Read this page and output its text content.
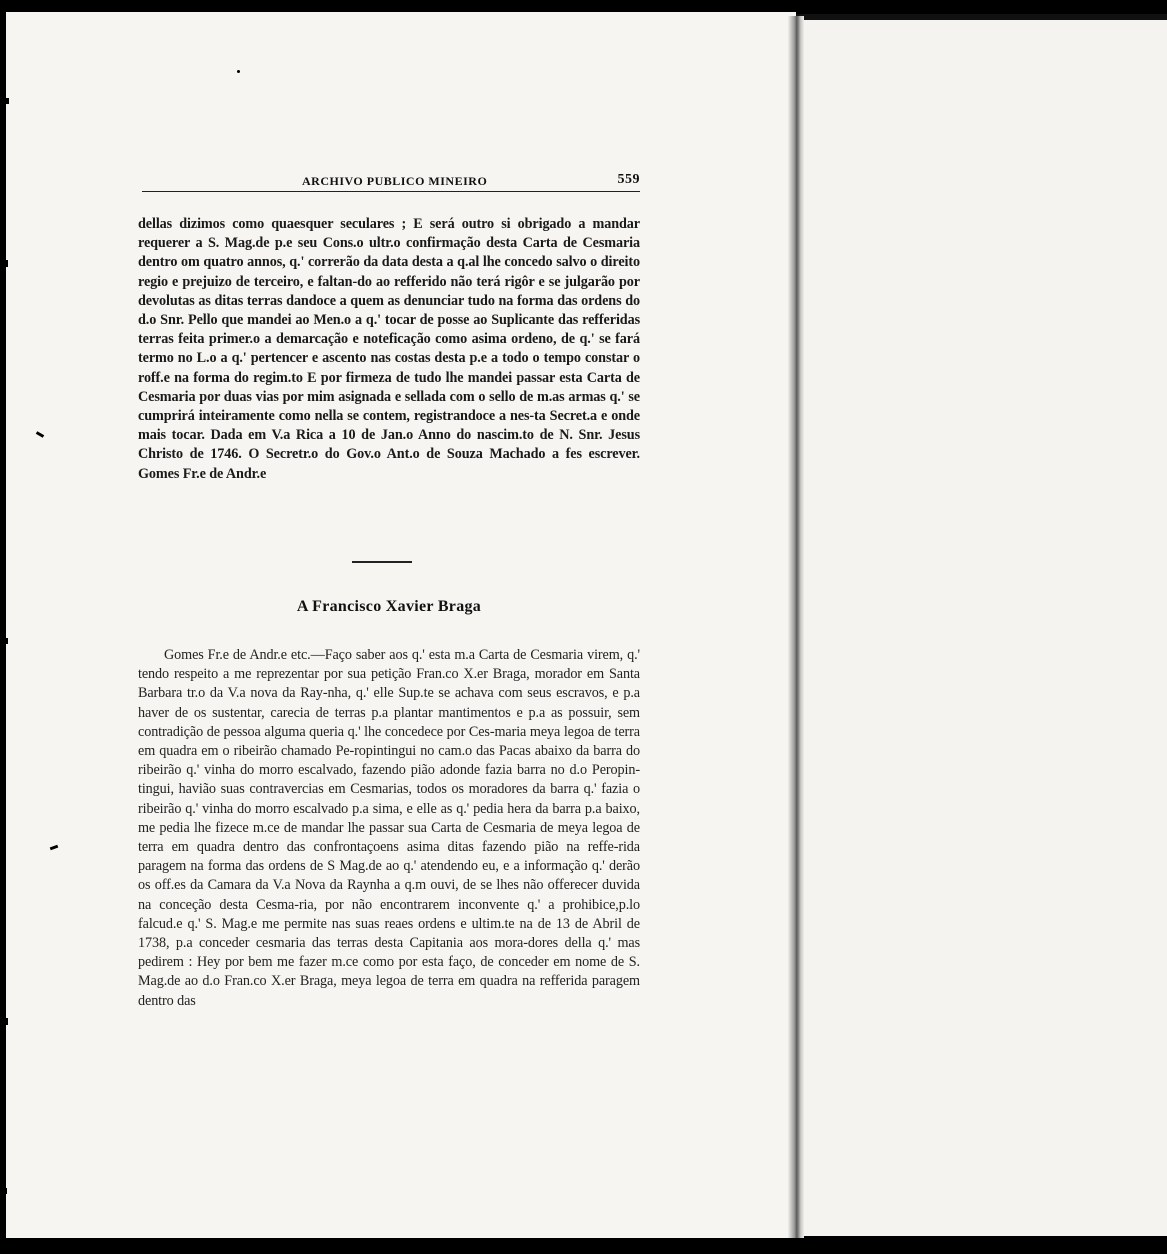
ARCHIVO PUBLICO MINEIRO	559

dellas dizimos como quaesquer seculares ; E será outro si obrigado a mandar requerer a S. Mag.de p.e seu Cons.o ultr.o confirmação desta Carta de Cesmaria dentro om quatro annos, q.' correrão da data desta a q.al lhe concedo salvo o direito regio e prejuizo de terceiro, e faltan-do ao refferido não terá rigôr e se julgarão por devolutas as ditas terras dandoce a quem as denunciar tudo na forma das ordens do d.o Snr. Pello que mandei ao Men.o a q.' tocar de posse ao Suplicante das refferidas terras feita primer.o a demarcação e noteficação como asima ordeno, de q.' se fará termo no L.o a q.' pertencer e ascento nas costas desta p.e a todo o tempo constar o roff.e na forma do regim.to E por firmeza de tudo lhe mandei passar esta Carta de Cesmaria por duas vias por mim asignada e sellada com o sello de m.as armas q.' se cumprirá inteiramente como nella se contem, registrandoce a nes-ta Secret.a e onde mais tocar. Dada em V.a Rica a 10 de Jan.o Anno do nascim.to de N. Snr. Jesus Christo de 1746. O Secretr.o do Gov.o Ant.o de Souza Machado a fes escrever. Gomes Fr.e de Andr.e

A Francisco Xavier Braga

Gomes Fr.e de Andr.e etc.—Faço saber aos q.' esta m.a Carta de Cesmaria virem, q.' tendo respeito a me reprezentar por sua petição Fran.co X.er Braga, morador em Santa Barbara tr.o da V.a nova da Ray-nha, q.' elle Sup.te se achava com seus escravos, e p.a haver de os sustentar, carecia de terras p.a plantar mantimentos e p.a as possuir, sem contradição de pessoa alguma queria q.' lhe concedece por Ces-maria meya legoa de terra em quadra em o ribeirão chamado Pe-ropintingui no cam.o das Pacas abaixo da barra do ribeirão q.' vinha do morro escalvado, fazendo pião adonde fazia barra no d.o Peropin-tingui, havião suas contravercias em Cesmarias, todos os moradores da barra q.' fazia o ribeirão q.' vinha do morro escalvado p.a sima, e elle as q.' pedia hera da barra p.a baixo, me pedia lhe fizece m.ce de mandar lhe passar sua Carta de Cesmaria de meya legoa de terra em quadra dentro das confrontaçoens asima ditas fazendo pião na reffe-rida paragem na forma das ordens de S Mag.de ao q.' atendendo eu, e a informação q.' derão os off.es da Camara da V.a Nova da Raynha a q.m ouvi, de se lhes não offerecer duvida na conceção desta Cesma-ria, por não encontrarem inconvente q.' a prohibice,p.lo falcud.e q.' S. Mag.e me permite nas suas reaes ordens e ultim.te na de 13 de Abril de 1738, p.a conceder cesmaria das terras desta Capitania aos mora-dores della q.' mas pedirem : Hey por bem me fazer m.ce como por esta faço, de conceder em nome de S. Mag.de ao d.o Fran.co X.er Braga, meya legoa de terra em quadra na refferida paragem dentro das
